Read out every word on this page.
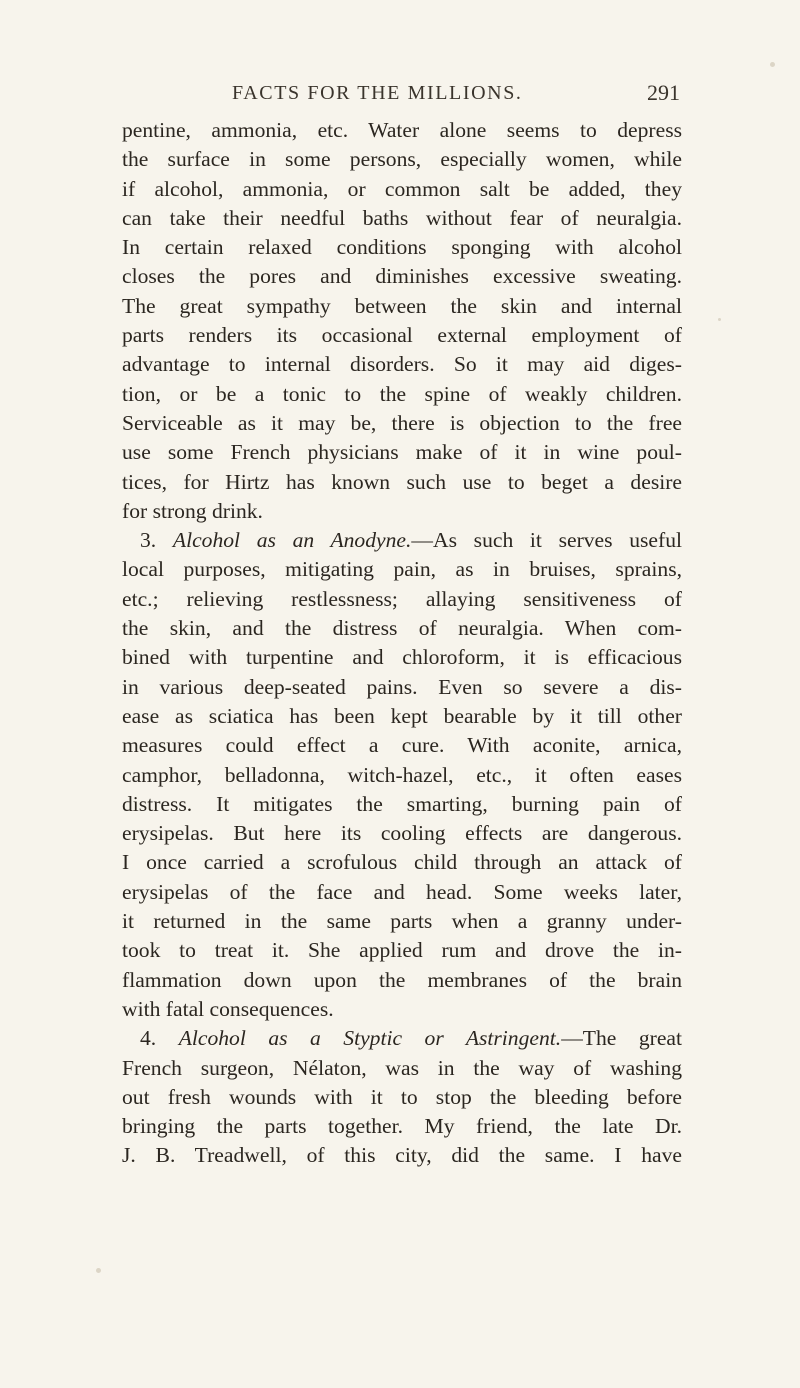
FACTS FOR THE MILLIONS.	291
pentine, ammonia, etc. Water alone seems to depress
the surface in some persons, especially women, while
if alcohol, ammonia, or common salt be added, they
can take their needful baths without fear of neuralgia.
In certain relaxed conditions sponging with alcohol
closes the pores and diminishes excessive sweating.
The great sympathy between the skin and internal
parts renders its occasional external employment of
advantage to internal disorders. So it may aid diges-
tion, or be a tonic to the spine of weakly children.
Serviceable as it may be, there is objection to the free
use some French physicians make of it in wine poul-
tices, for Hirtz has known such use to beget a desire
for strong drink.
3. Alcohol as an Anodyne.—As such it serves useful
local purposes, mitigating pain, as in bruises, sprains,
etc.; relieving restlessness; allaying sensitiveness of
the skin, and the distress of neuralgia. When com-
bined with turpentine and chloroform, it is efficacious
in various deep-seated pains. Even so severe a dis-
ease as sciatica has been kept bearable by it till other
measures could effect a cure. With aconite, arnica,
camphor, belladonna, witch-hazel, etc., it often eases
distress. It mitigates the smarting, burning pain of
erysipelas. But here its cooling effects are dangerous.
I once carried a scrofulous child through an attack of
erysipelas of the face and head. Some weeks later,
it returned in the same parts when a granny under-
took to treat it. She applied rum and drove the in-
flammation down upon the membranes of the brain
with fatal consequences.
4. Alcohol as a Styptic or Astringent.—The great
French surgeon, Nélaton, was in the way of washing
out fresh wounds with it to stop the bleeding before
bringing the parts together. My friend, the late Dr.
J. B. Treadwell, of this city, did the same. I have
